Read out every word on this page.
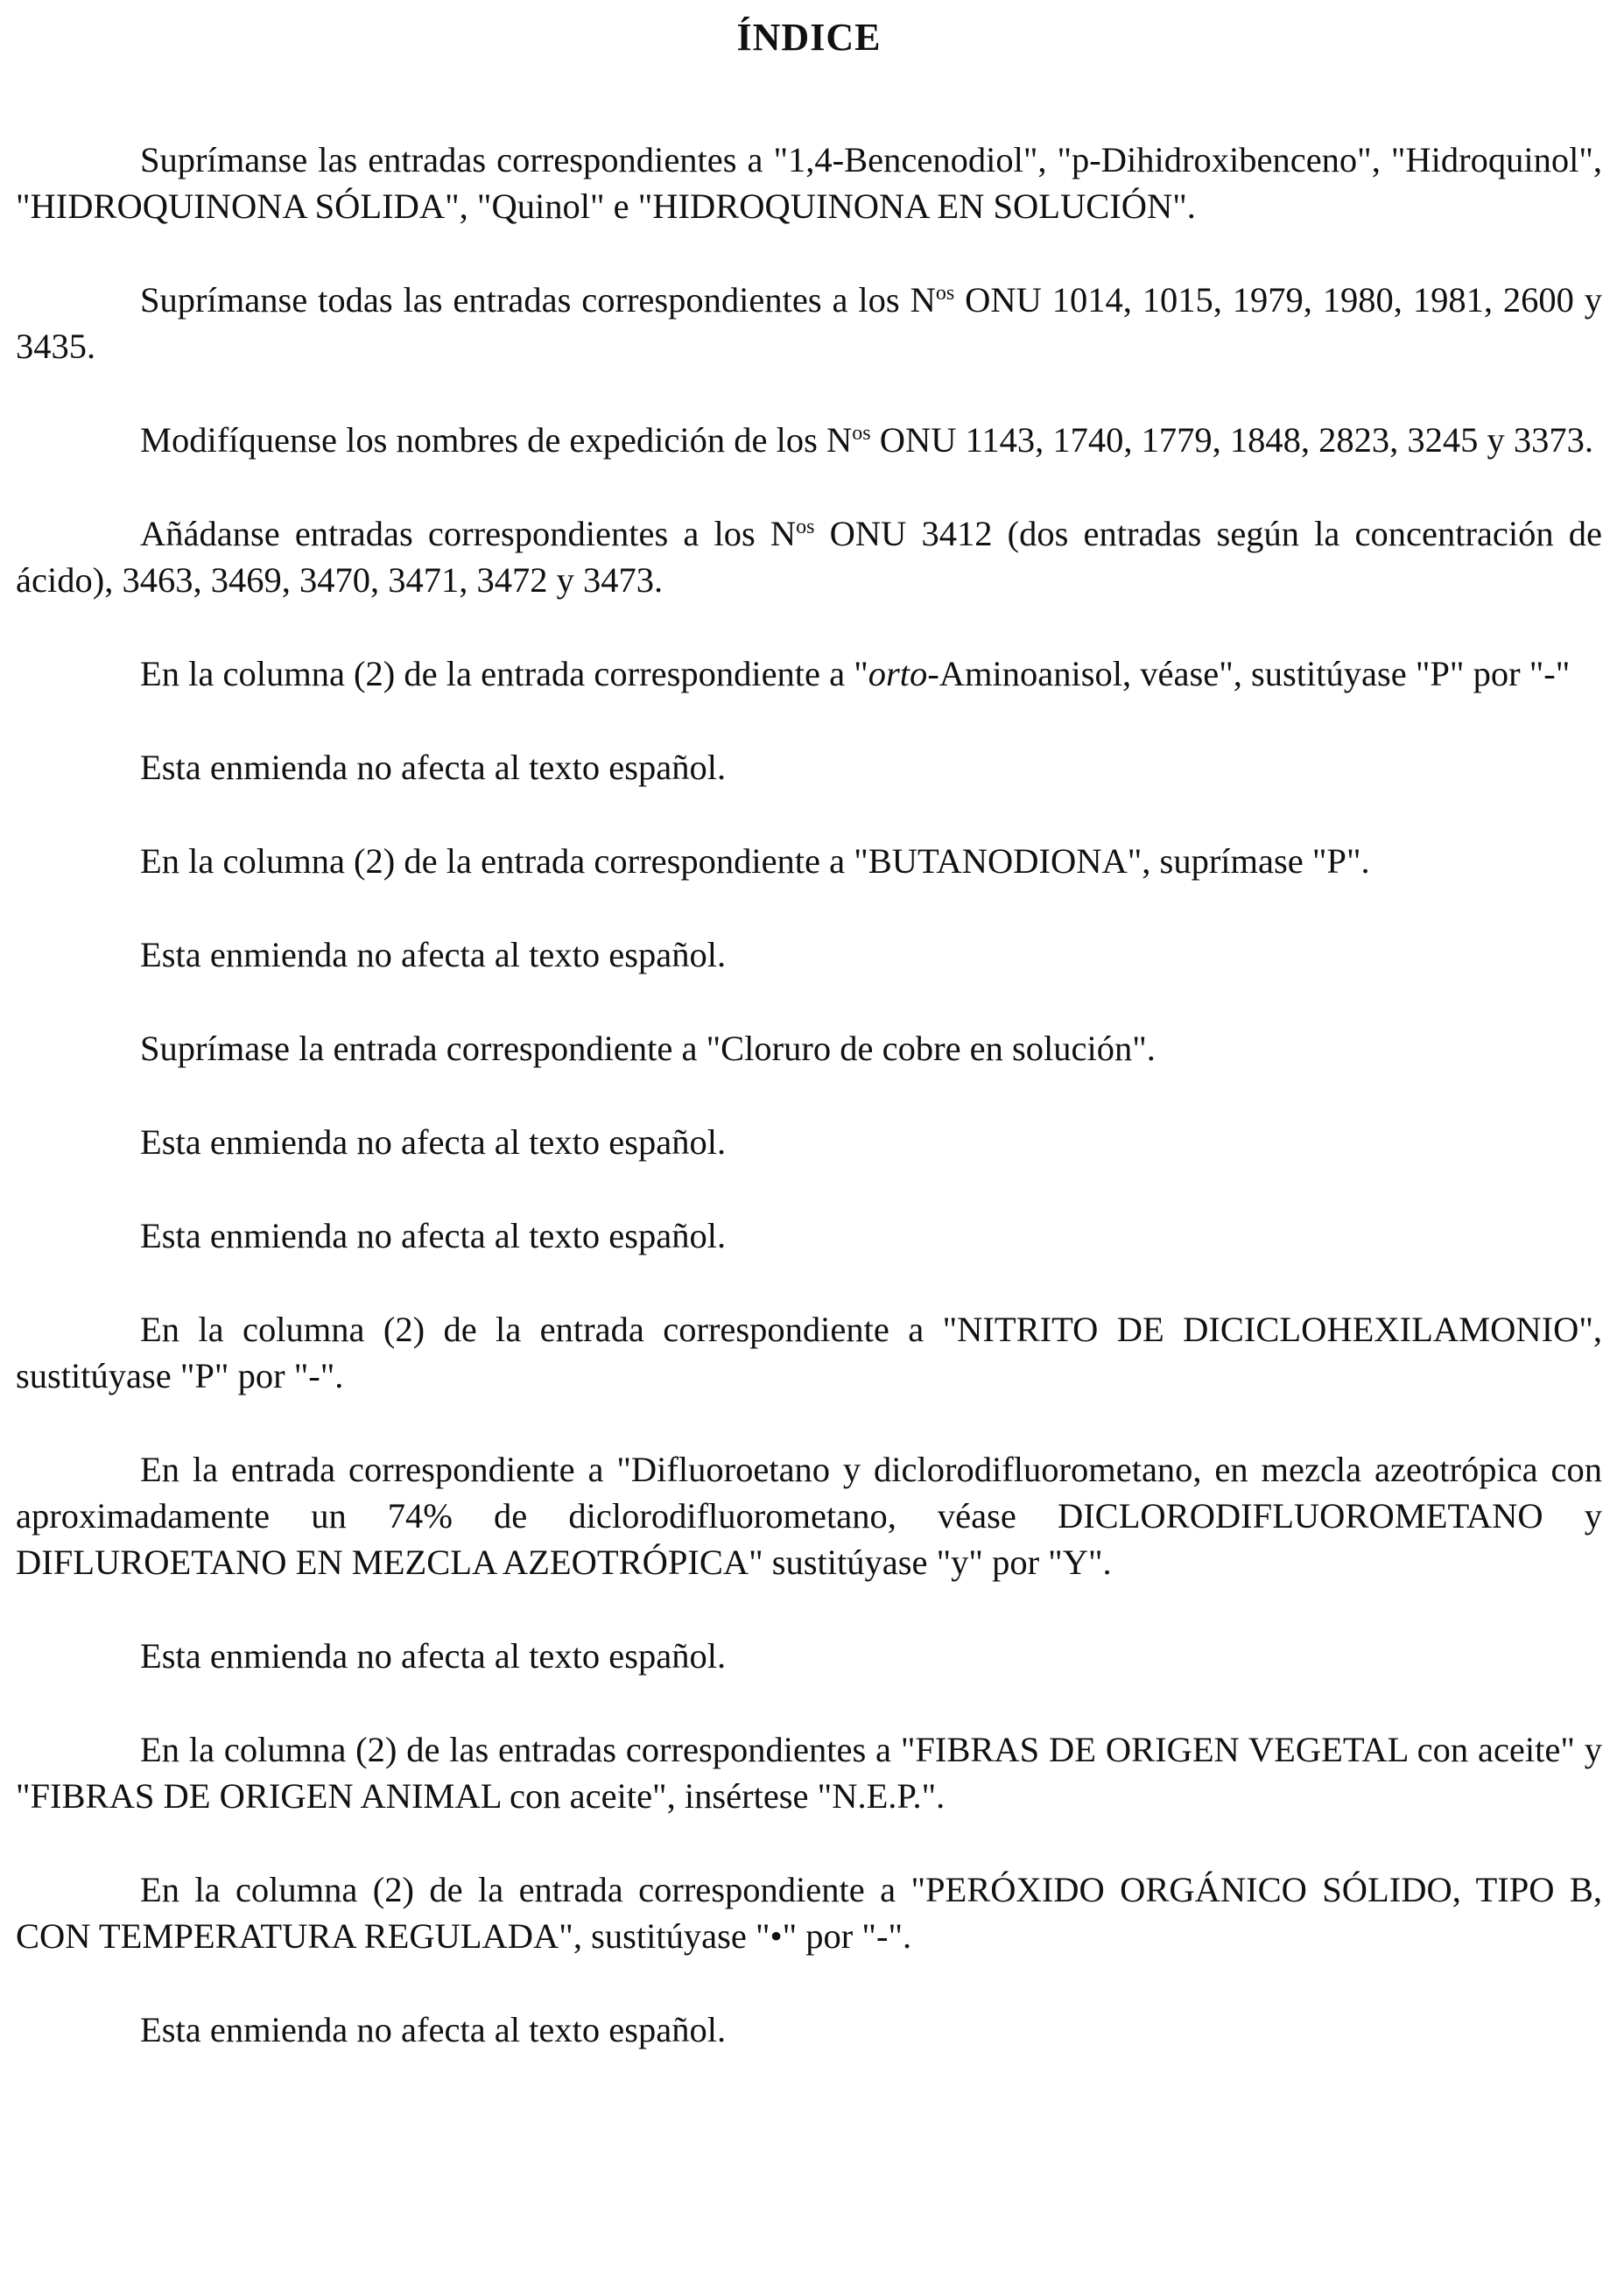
ÍNDICE

Suprímanse las entradas correspondientes a "1,4-Bencenodiol", "p-Dihidroxibenceno", "Hidroquinol", "HIDROQUINONA SÓLIDA", "Quinol" e "HIDROQUINONA EN SOLUCIÓN".

Suprímanse todas las entradas correspondientes a los $N^{os}$ ONU 1014, 1015, 1979, 1980, 1981, 2600 y 3435.

Modifíquense los nombres de expedición de los $N^{os}$ ONU 1143, 1740, 1779, 1848, 2823, 3245 y 3373.

Añádanse entradas correspondientes a los $N^{os}$ ONU 3412 (dos entradas según la concentración de ácido), 3463, 3469, 3470, 3471, 3472 y 3473.

En la columna (2) de la entrada correspondiente a "orto-Aminoanisol, véase", sustitúyase "P" por "-"

Esta enmienda no afecta al texto español.

En la columna (2) de la entrada correspondiente a "BUTANODIONA", suprímase "P".

Esta enmienda no afecta al texto español.

Suprímase la entrada correspondiente a "Cloruro de cobre en solución".

Esta enmienda no afecta al texto español.

Esta enmienda no afecta al texto español.

En la columna (2) de la entrada correspondiente a "NITRITO DE DICICLOHEXILAMONIO", sustitúyase "P" por "-".

En la entrada correspondiente a "Difluoroetano y diclorodifluorometano, en mezcla azeotrópica con aproximadamente un 74% de diclorodifluorometano, véase DICLORODIFLUOROMETANO y DIFLUROETANO EN MEZCLA AZEOTRÓPICA" sustitúyase "y" por "Y".

Esta enmienda no afecta al texto español.

En la columna (2) de las entradas correspondientes a "FIBRAS DE ORIGEN VEGETAL con aceite" y "FIBRAS DE ORIGEN ANIMAL con aceite", insértese "N.E.P.".

En la columna (2) de la entrada correspondiente a "PERÓXIDO ORGÁNICO SÓLIDO, TIPO B, CON TEMPERATURA REGULADA", sustitúyase "•" por "-".

Esta enmienda no afecta al texto español.
